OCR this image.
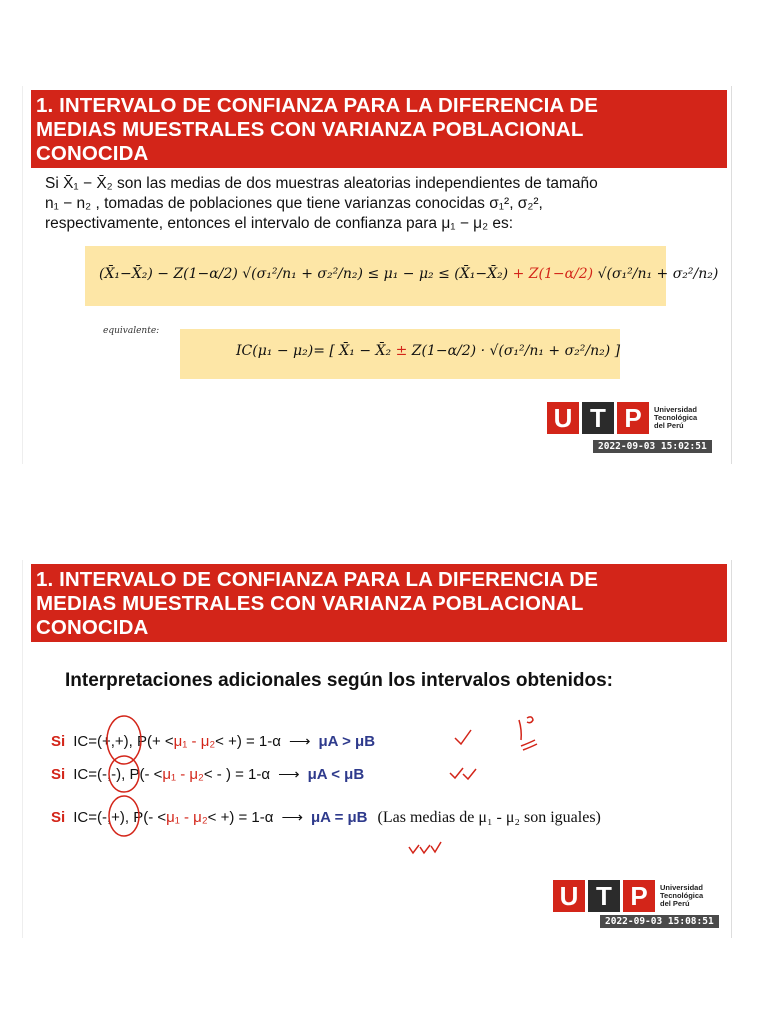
1. INTERVALO DE CONFIANZA PARA LA DIFERENCIA DE
MEDIAS MUESTRALES CON VARIANZA POBLACIONAL
CONOCIDA
Si X̄₁ − X̄₂ son las medias de dos muestras aleatorias independientes de tamaño
n₁ − n₂ , tomadas de poblaciones que tiene varianzas conocidas σ₁², σ₂²,
respectivamente, entonces el intervalo de confianza para μ₁ − μ₂ es:
(X̄₁−X̄₂) − Z(1−α/2) √(σ₁²/n₁ + σ₂²/n₂) ≤ μ₁ − μ₂ ≤ (X̄₁−X̄₂) + Z(1−α/2) √(σ₁²/n₁ + σ₂²/n₂)
equivalente:
IC(μ₁ − μ₂)= [ X̄₁ − X̄₂ ± Z(1−α/2) · √(σ₁²/n₁ + σ₂²/n₂) ]
U T P	Universidad
Tecnológica
del Perú
2022-09-03 15:02:51
1. INTERVALO DE CONFIANZA PARA LA DIFERENCIA DE
MEDIAS MUESTRALES CON VARIANZA POBLACIONAL
CONOCIDA
Interpretaciones adicionales según los intervalos obtenidos:
Si IC=(+,+),
P(+ < μ₁ - μ₂ < +) = 1-α ⟶ μA > μB
Si IC=(-,-),
P(- < μ₁ - μ₂ < - ) = 1-α ⟶ μA < μB
Si IC=(-,+),
P(- < μ₁ - μ₂ < +) = 1-α ⟶ μA = μB (Las medias de μ₁ - μ₂ son iguales)
U T P	Universidad
Tecnológica
del Perú
2022-09-03 15:08:51
